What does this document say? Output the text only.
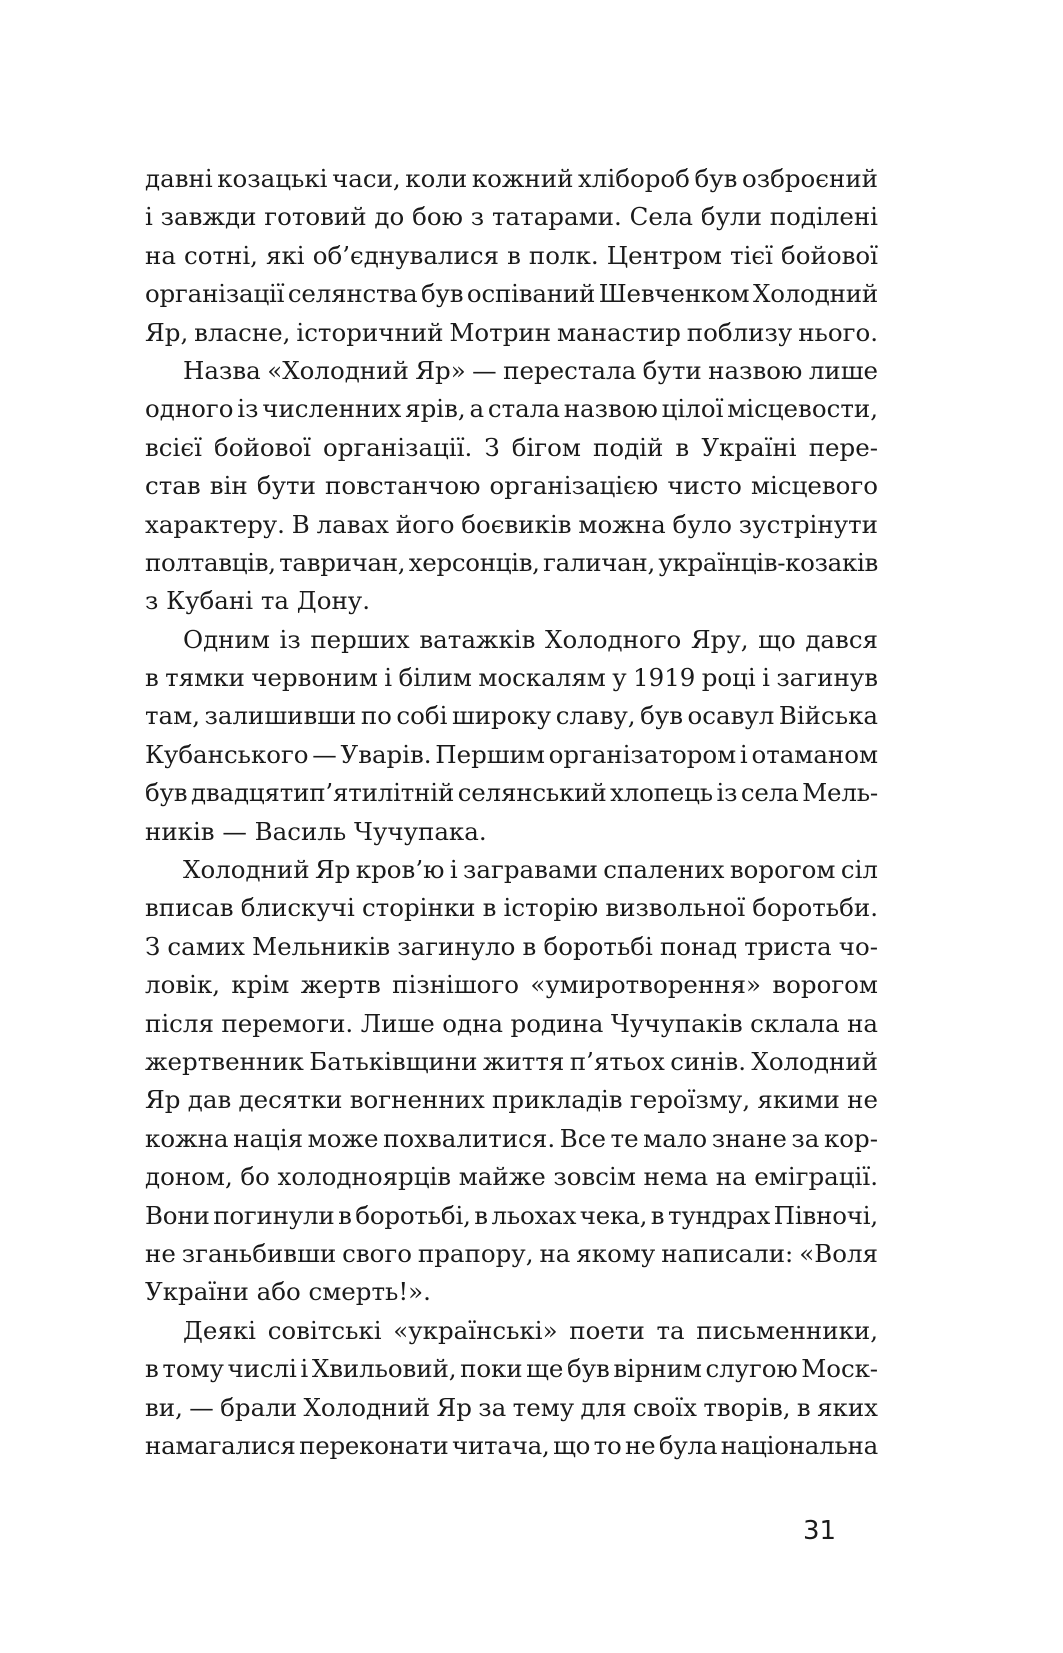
давні козацькі часи, коли кожний хлібороб був озброєний
і завжди готовий до бою з татарами. Села були поділені
на сотні, які об’єднувалися в полк. Центром тієї бойової
організації селянства був оспіваний Шевченком Холодний
Яр, власне, історичний Мотрин манастир поблизу нього.
Назва «Холодний Яр» — перестала бути назвою лише
одного із численних ярів, а стала назвою цілої місцевости,
всієї бойової організації. З бігом подій в Україні пере-
став він бути повстанчою організацією чисто місцевого
характеру. В лавах його боєвиків можна було зустрінути
полтавців, тавричан, херсонців, галичан, українців-козаків
з Кубані та Дону.
Одним із перших ватажків Холодного Яру, що дався
в тямки червоним і білим москалям у 1919 році і загинув
там, залишивши по собі широку славу, був осавул Війська
Кубанського — Уварів. Першим організатором і отаманом
був двадцятип’ятилітній селянський хлопець із села Мель-
ників — Василь Чучупака.
Холодний Яр кров’ю і загравами спалених ворогом сіл
вписав блискучі сторінки в історію визвольної боротьби.
З самих Мельників загинуло в боротьбі понад триста чо-
ловік, крім жертв пізнішого «умиротворення» ворогом
після перемоги. Лише одна родина Чучупаків склала на
жертвенник Батьківщини життя п’ятьох синів. Холодний
Яр дав десятки вогненних прикладів героїзму, якими не
кожна нація може похвалитися. Все те мало знане за кор-
доном, бо холодноярців майже зовсім нема на еміграції.
Вони погинули в боротьбі, в льохах чека, в тундрах Півночі,
не зганьбивши свого прапору, на якому написали: «Воля
України або смерть!».
Деякі совітські «українські» поети та письменники,
в тому числі і Хвильовий, поки ще був вірним слугою Моск-
ви, — брали Холодний Яр за тему для своїх творів, в яких
намагалися переконати читача, що то не була національна
31
